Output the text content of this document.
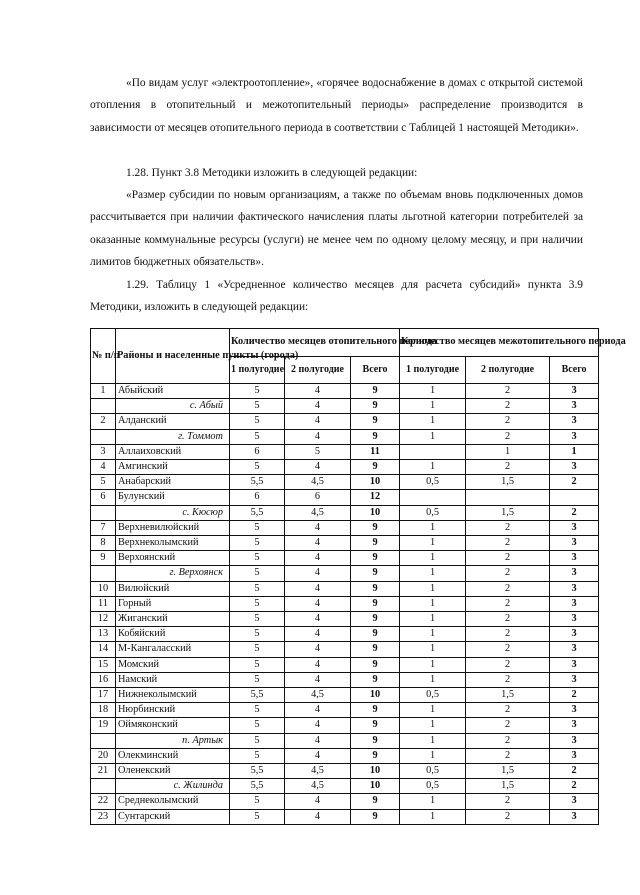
«По видам услуг «электроотопление», «горячее водоснабжение в домах с открытой системой отопления в отопительный и межотопительный периоды» распределение производится в зависимости от месяцев отопительного периода в соответствии с Таблицей 1 настоящей Методики».

1.28. Пункт 3.8 Методики изложить в следующей редакции:

«Размер субсидии по новым организациям, а также по объемам вновь подключенных домов рассчитывается при наличии фактического начисления платы льготной категории потребителей за оказанные коммунальные ресурсы (услуги) не менее чем по одному целому месяцу, и при наличии лимитов бюджетных обязательств».

1.29. Таблицу 1 «Усредненное количество месяцев для расчета субсидий» пункта 3.9 Методики, изложить в следующей редакции:

№ п/п	Районы и населенные пункты (города)	Количество месяцев отопительного периода			Количество месяцев межотопительного периода		
		1 полугодие	2 полугодие	Всего	1 полугодие	2 полугодие	Всего
1	Абыйский	5	4	9	1	2	3
	с. Абый	5	4	9	1	2	3
2	Алданский	5	4	9	1	2	3
	г. Томмот	5	4	9	1	2	3
3	Аллаиховский	6	5	11		1	1
4	Амгинский	5	4	9	1	2	3
5	Анабарский	5,5	4,5	10	0,5	1,5	2
6	Булунский	6	6	12			
	с. Кюсюр	5,5	4,5	10	0,5	1,5	2
7	Верхневилюйский	5	4	9	1	2	3
8	Верхнеколымский	5	4	9	1	2	3
9	Верхоянский	5	4	9	1	2	3
	г. Верхоянск	5	4	9	1	2	3
10	Вилюйский	5	4	9	1	2	3
11	Горный	5	4	9	1	2	3
12	Жиганский	5	4	9	1	2	3
13	Кобяйский	5	4	9	1	2	3
14	М-Кангаласский	5	4	9	1	2	3
15	Момский	5	4	9	1	2	3
16	Намский	5	4	9	1	2	3
17	Нижнеколымский	5,5	4,5	10	0,5	1,5	2
18	Нюрбинский	5	4	9	1	2	3
19	Оймяконский	5	4	9	1	2	3
	п. Артык	5	4	9	1	2	3
20	Олекминский	5	4	9	1	2	3
21	Оленекский	5,5	4,5	10	0,5	1,5	2
	с. Жилинда	5,5	4,5	10	0,5	1,5	2
22	Среднеколымский	5	4	9	1	2	3
23	Сунтарский	5	4	9	1	2	3
